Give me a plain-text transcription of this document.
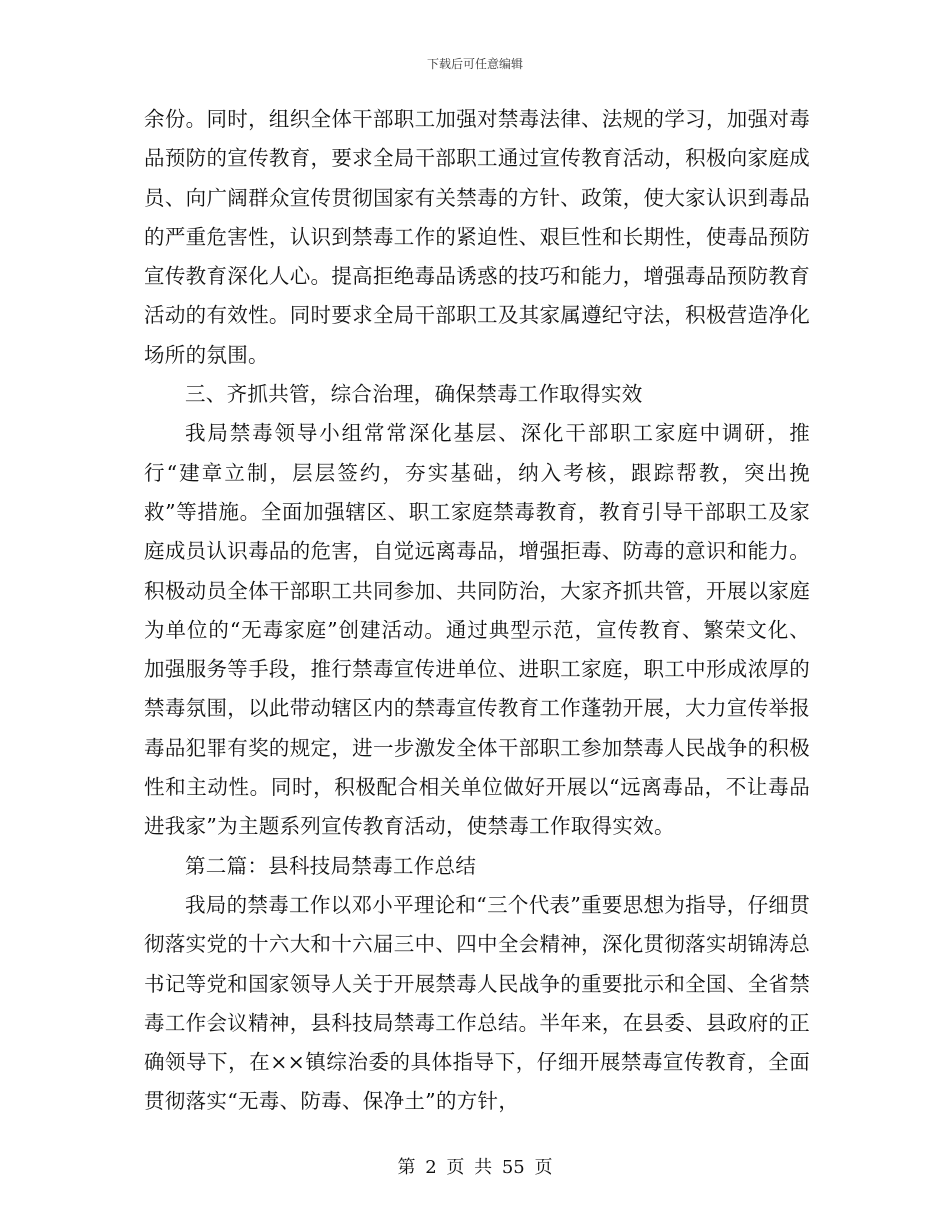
下载后可任意编辑

余份。同时，组织全体干部职工加强对禁毒法律、法规的学习，加强对毒品预防的宣传教育，要求全局干部职工通过宣传教育活动，积极向家庭成员、向广阔群众宣传贯彻国家有关禁毒的方针、政策，使大家认识到毒品的严重危害性，认识到禁毒工作的紧迫性、艰巨性和长期性，使毒品预防宣传教育深化人心。提高拒绝毒品诱惑的技巧和能力，增强毒品预防教育活动的有效性。同时要求全局干部职工及其家属遵纪守法，积极营造净化场所的氛围。

三、齐抓共管，综合治理，确保禁毒工作取得实效

我局禁毒领导小组常常深化基层、深化干部职工家庭中调研，推行“建章立制，层层签约，夯实基础，纳入考核，跟踪帮教，突出挽救”等措施。全面加强辖区、职工家庭禁毒教育，教育引导干部职工及家庭成员认识毒品的危害，自觉远离毒品，增强拒毒、防毒的意识和能力。积极动员全体干部职工共同参加、共同防治，大家齐抓共管，开展以家庭为单位的“无毒家庭”创建活动。通过典型示范，宣传教育、繁荣文化、加强服务等手段，推行禁毒宣传进单位、进职工家庭，职工中形成浓厚的禁毒氛围，以此带动辖区内的禁毒宣传教育工作蓬勃开展，大力宣传举报毒品犯罪有奖的规定，进一步激发全体干部职工参加禁毒人民战争的积极性和主动性。同时，积极配合相关单位做好开展以“远离毒品，不让毒品进我家”为主题系列宣传教育活动，使禁毒工作取得实效。

第二篇：县科技局禁毒工作总结

我局的禁毒工作以邓小平理论和“三个代表”重要思想为指导，仔细贯彻落实党的十六大和十六届三中、四中全会精神，深化贯彻落实胡锦涛总书记等党和国家领导人关于开展禁毒人民战争的重要批示和全国、全省禁毒工作会议精神，县科技局禁毒工作总结。半年来，在县委、县政府的正确领导下，在××镇综治委的具体指导下，仔细开展禁毒宣传教育，全面贯彻落实“无毒、防毒、保净土”的方针，

第 2 页 共 55 页
